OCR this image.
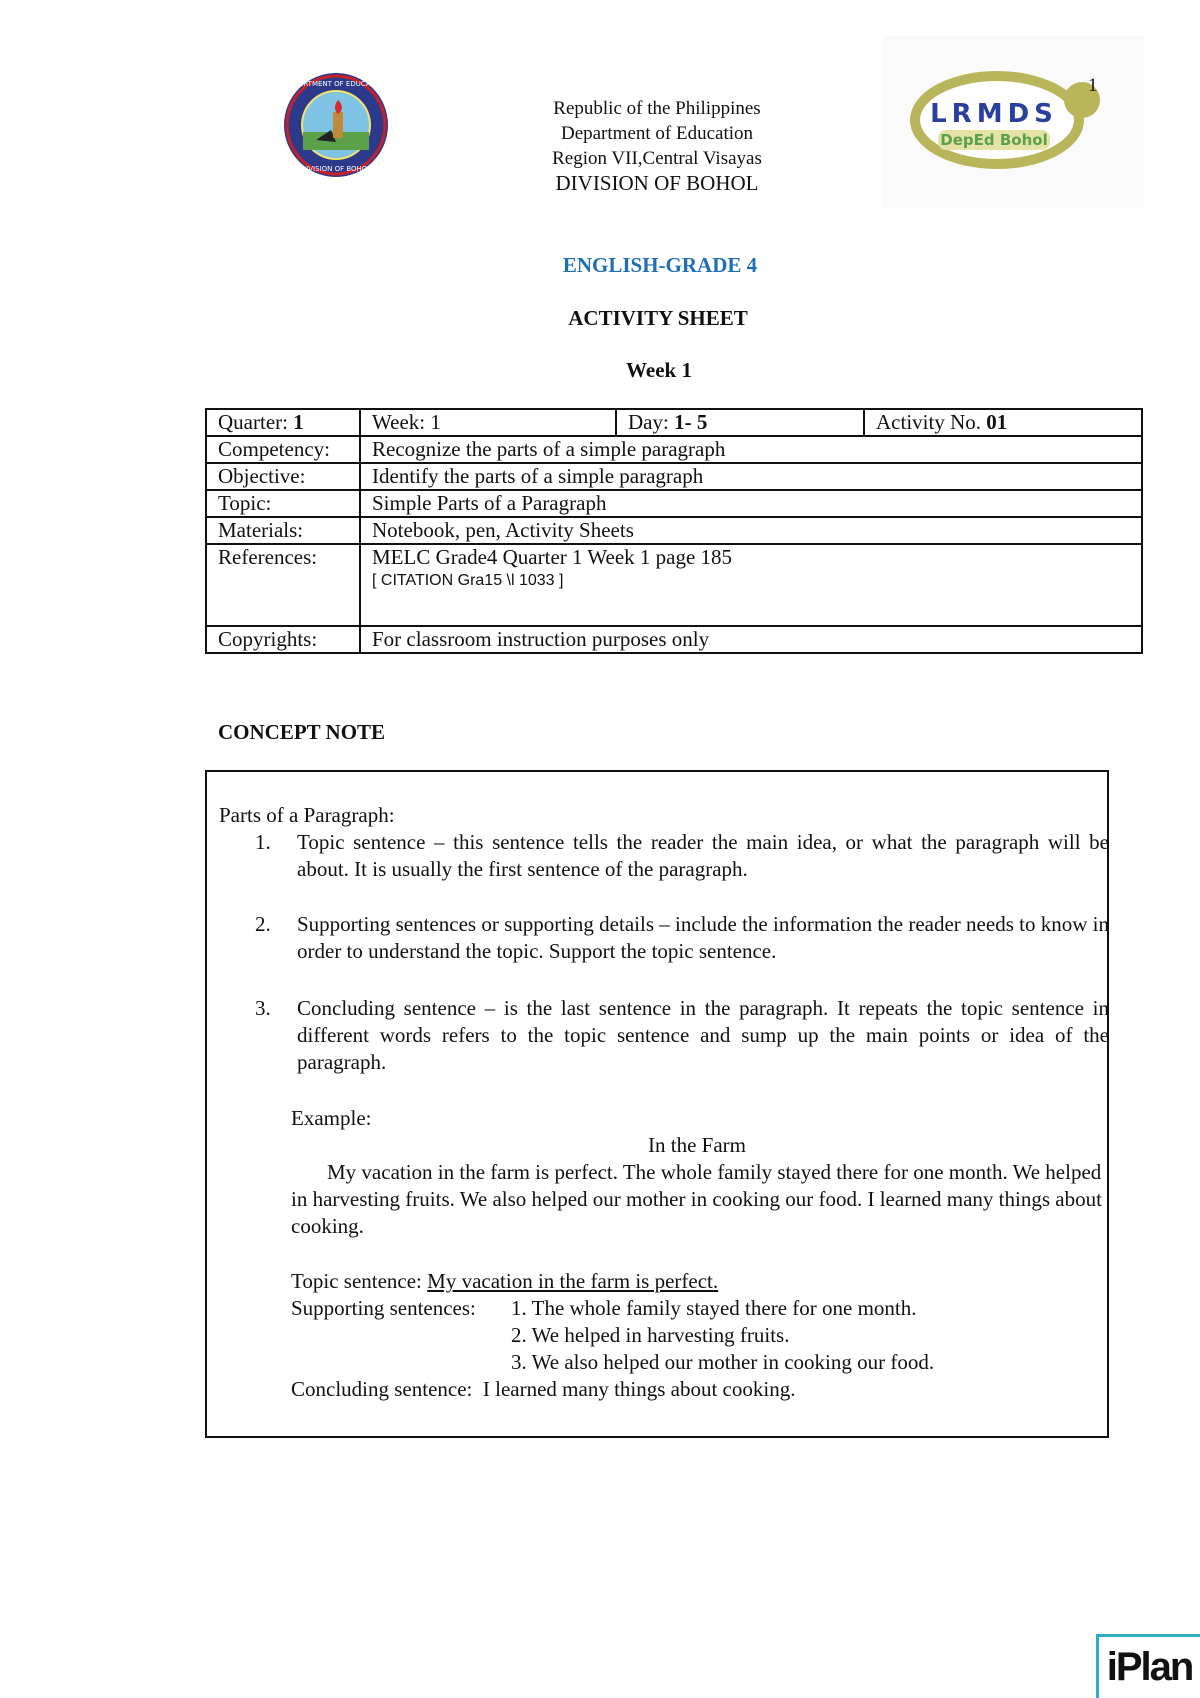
DEPARTMENT OF EDUCATION
DIVISION OF BOHOL
Republic of the Philippines
Department of Education
Region VII,Central Visayas
DIVISION OF BOHOL
LRMDS
DepEd Bohol
1
ENGLISH-GRADE 4
ACTIVITY SHEET
Week 1
Quarter: 1	Week: 1	Day: 1- 5	Activity No. 01
Competency:	Recognize the parts of a simple paragraph		
Objective:	Identify the parts of a simple paragraph		
Topic:	Simple Parts of a Paragraph		
Materials:	Notebook, pen, Activity Sheets		
References:	MELC Grade4 Quarter 1 Week 1 page 185
[ CITATION Gra15 \l 1033 ]		

Copyrights:	For classroom instruction purposes only		
CONCEPT NOTE
Parts of a Paragraph:
1.	Topic sentence – this sentence tells the reader the main idea, or what the paragraph will be about. It is usually the first sentence of the paragraph.
2.	Supporting sentences or supporting details – include the information the reader needs to know in order to understand the topic. Support the topic sentence.
3.	Concluding sentence – is the last sentence in the paragraph. It repeats the topic sentence in different words refers to the topic sentence and sump up the main points or idea of the paragraph.
Example:
In the Farm
My vacation in the farm is perfect. The whole family stayed there for one month. We helped in harvesting fruits. We also helped our mother in cooking our food. I learned many things about cooking.
Topic sentence: My vacation in the farm is perfect.
Supporting sentences: 1. The whole family stayed there for one month.
2. We helped in harvesting fruits.
3. We also helped our mother in cooking our food.
Concluding sentence:  I learned many things about cooking.
iPlan
